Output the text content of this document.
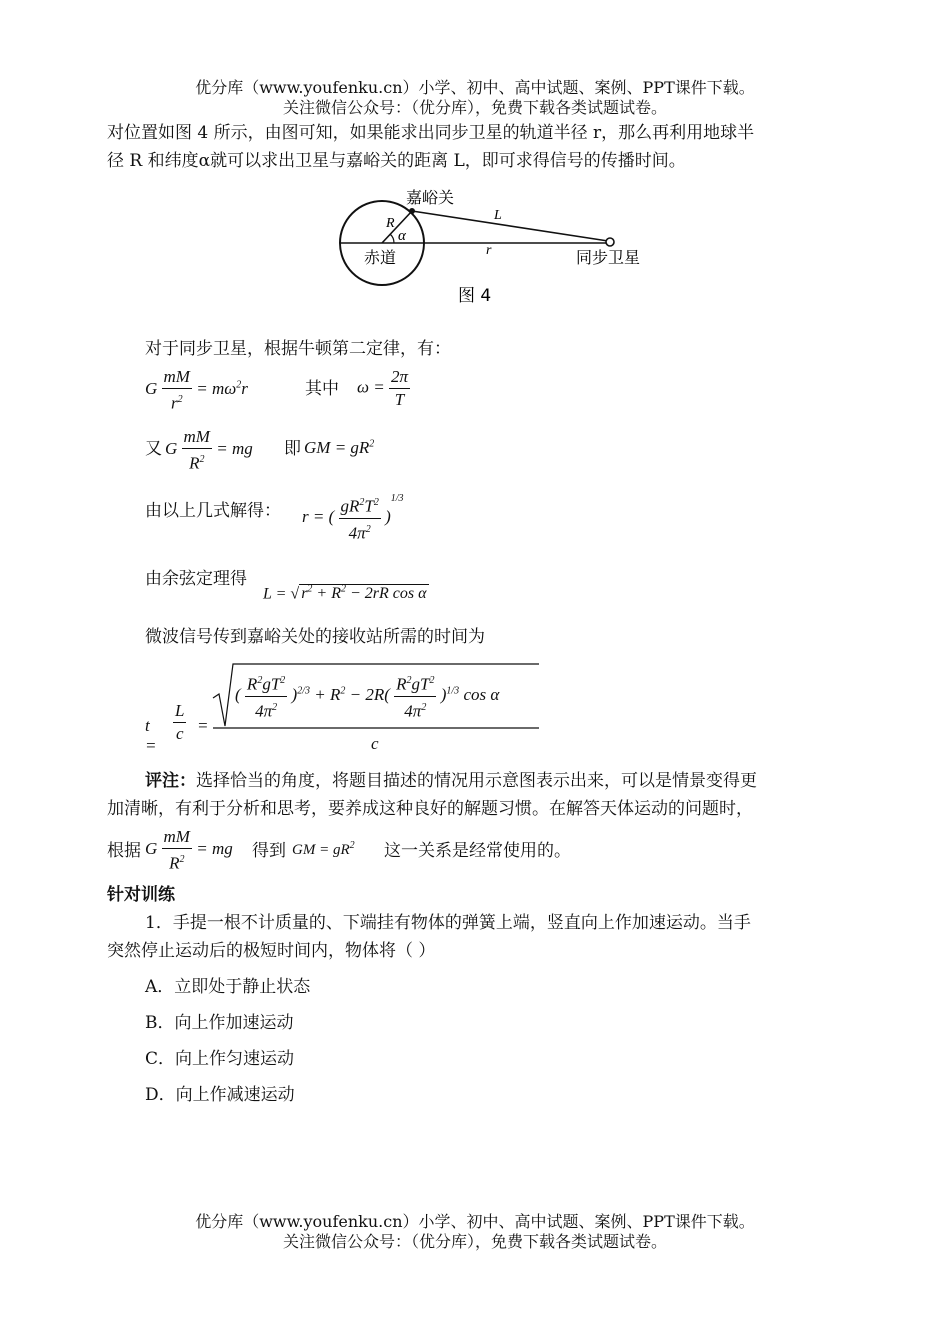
优分库（www.youfenku.cn）小学、初中、高中试题、案例、PPT课件下载。
关注微信公众号：（优分库），免费下载各类试题试卷。
对位置如图 4 所示，由图可知，如果能求出同步卫星的轨道半径 r，那么再利用地球半
径 R 和纬度α就可以求出卫星与嘉峪关的距离 L，即可求得信号的传播时间。
嘉峪关
R
α
L
r
赤道	同步卫星
图 4
对于同步卫星，根据牛顿第二定律，有：
G $\frac{mM}{r^2} = m\omega^2r$	其中 $\omega = \frac{2\pi}{T}$
又 G $\frac{mM}{R^2}$ = mg 即 GM = $gR^2$
由以上几式解得： r = ( $\frac{gR^2T^2}{4\pi^2} )^{1/3}$
由余弦定理得
L = √ $r^2 + R^2 - 2rR$ cos α
微波信号传到嘉峪关处的接收站所需的时间为
t =
$\frac{L}{c}$ =
( $\frac{R^2gT^2}{4\pi^2} )^{2/3} + R^2 - 2R( \frac{R^2gT^2}{4\pi^2} )^{1/3}$ cos α
c
评注：选择恰当的角度，将题目描述的情况用示意图表示出来，可以是情景变得更
加清晰，有利于分析和思考，要养成这种良好的解题习惯。在解答天体运动的问题时，
根据 G $\frac{mM}{R^2}$ = mg 得到 GM = $gR^2$ 这一关系是经常使用的。
针对训练
1．手提一根不计质量的、下端挂有物体的弹簧上端，竖直向上作加速运动。当手
突然停止运动后的极短时间内，物体将（ ）
A．立即处于静止状态
B．向上作加速运动
C．向上作匀速运动
D．向上作减速运动
优分库（www.youfenku.cn）小学、初中、高中试题、案例、PPT课件下载。
关注微信公众号：（优分库），免费下载各类试题试卷。
